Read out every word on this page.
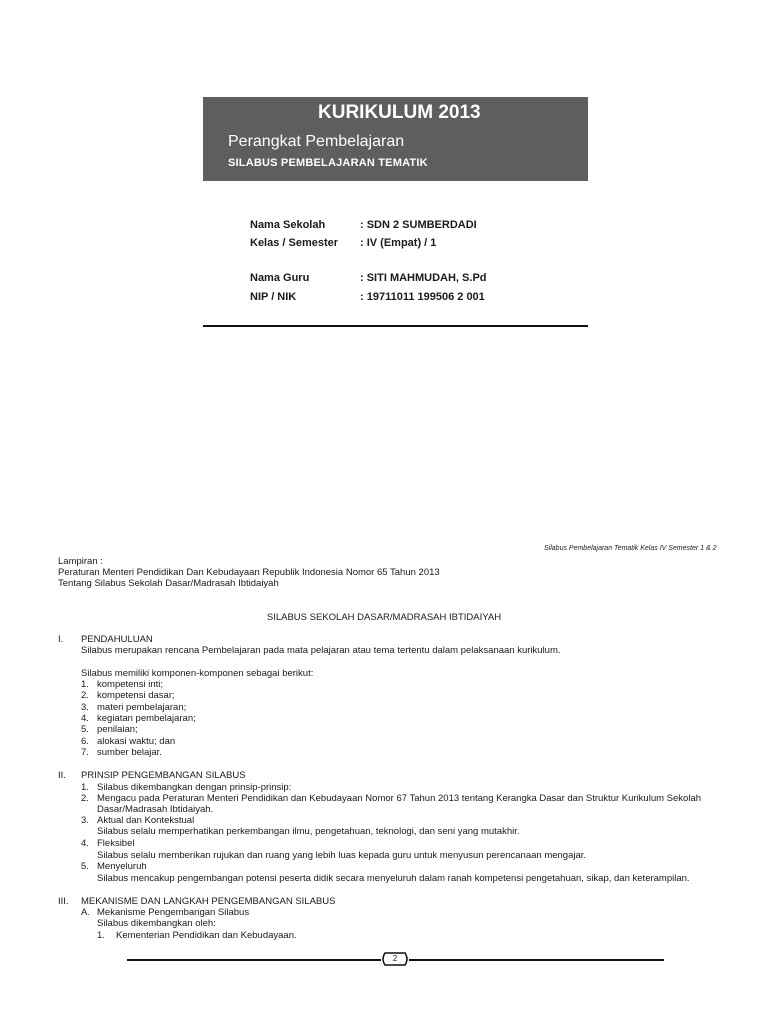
KURIKULUM 2013
Perangkat Pembelajaran
SILABUS PEMBELAJARAN TEMATIK
Nama Sekolah	: SDN 2 SUMBERDADI
Kelas / Semester : IV (Empat) / 1
Nama Guru	: SITI MAHMUDAH, S.Pd
NIP / NIK	: 19711011 199506 2 001
Silabus Pembelajaran Tematik Kelas IV Semester 1 & 2
Lampiran :
Peraturan Menteri Pendidikan Dan Kebudayaan Republik Indonesia Nomor 65 Tahun 2013
Tentang Silabus Sekolah Dasar/Madrasah Ibtidaiyah
SILABUS SEKOLAH DASAR/MADRASAH IBTIDAIYAH
I. PENDAHULUAN
Silabus merupakan rencana Pembelajaran pada mata pelajaran atau tema tertentu dalam pelaksanaan kurikulum.
Silabus memiliki komponen-komponen sebagai berikut:
1. kompetensi inti;
2. kompetensi dasar;
3. materi pembelajaran;
4. kegiatan pembelajaran;
5. penilaian;
6. alokasi waktu; dan
7. sumber belajar.
II. PRINSIP PENGEMBANGAN SILABUS
1. Silabus dikembangkan dengan prinsip-prinsip:
2. Mengacu pada Peraturan Menteri Pendidikan dan Kebudayaan Nomor 67 Tahun 2013 tentang Kerangka Dasar dan Struktur Kurikulum Sekolah
Dasar/Madrasah Ibtidaiyah.
3. Aktual dan Kontekstual
Silabus selalu memperhatikan perkembangan ilmu, pengetahuan, teknologi, dan seni yang mutakhir.
4. Fleksibel
Silabus selalu memberikan rujukan dan ruang yang lebih luas kepada guru untuk menyusun perencanaan mengajar.
5. Menyeluruh
Silabus mencakup pengembangan potensi peserta didik secara menyeluruh dalam ranah kompetensi pengetahuan, sikap, dan keterampilan.
III. MEKANISME DAN LANGKAH PENGEMBANGAN SILABUS
A. Mekanisme Pengembangan Silabus
Silabus dikembangkan oleh:
1. Kementerian Pendidikan dan Kebudayaan.
2
